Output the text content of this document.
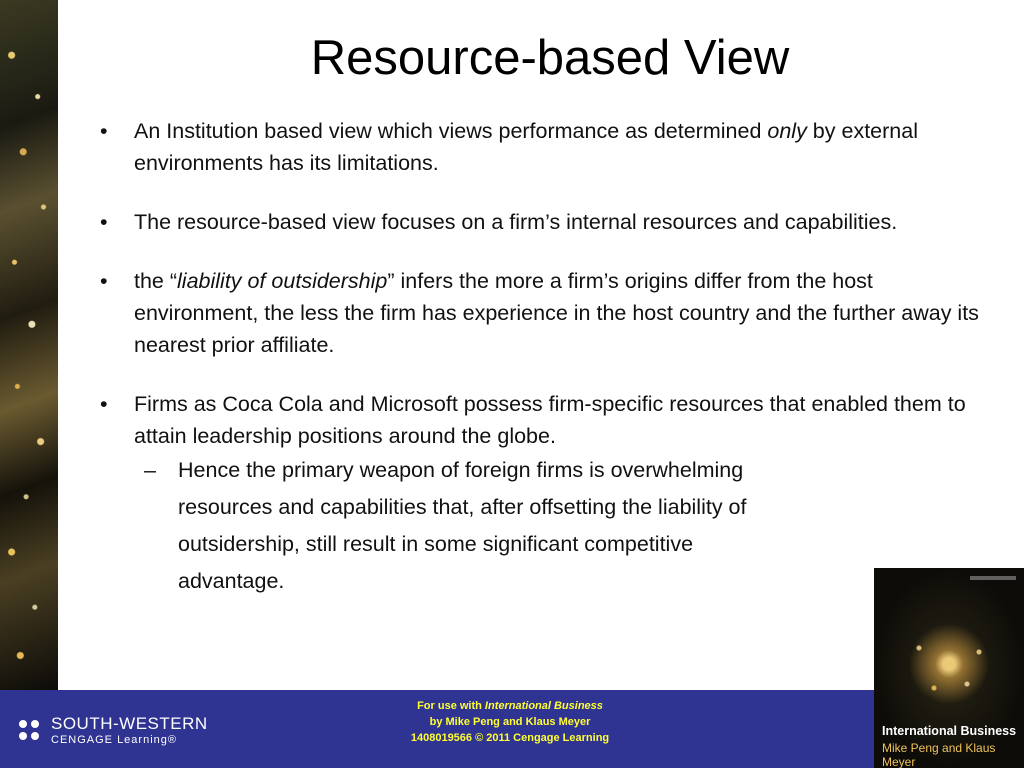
Resource-based View
• An Institution based view which views performance as determined only by external environments has its limitations.
• The resource-based view focuses on a firm’s internal resources and capabilities.
• the “liability of outsidership” infers the more a firm’s origins differ from the host environment, the less the firm has experience in the host country and the further away its nearest prior affiliate.
• Firms as Coca Cola and Microsoft possess firm-specific resources that enabled them to attain leadership positions around the globe.
– Hence the primary weapon of foreign firms is overwhelming resources and capabilities that, after offsetting the liability of outsidership, still result in some significant competitive advantage.
SOUTH-WESTERN
CENGAGE Learning®
For use with International Business
by Mike Peng and Klaus Meyer
1408019566 © 2011 Cengage Learning	International Business
Mike Peng and Klaus Meyer
